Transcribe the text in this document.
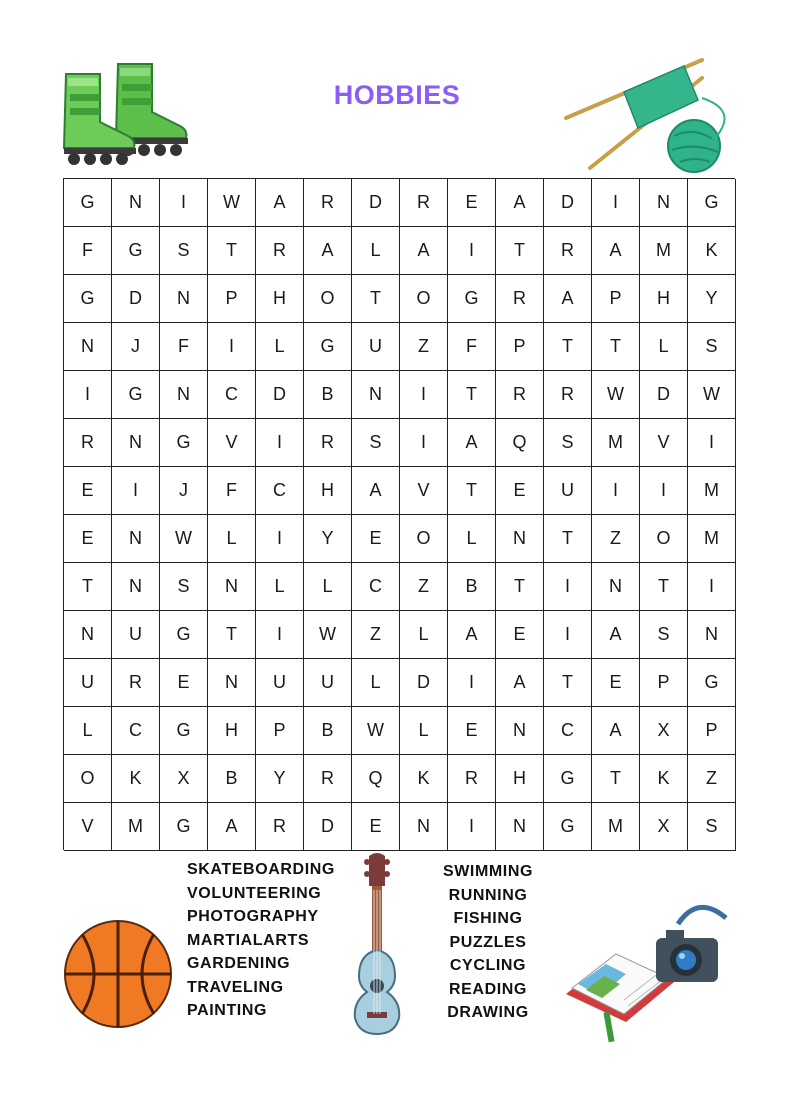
HOBBIES
G	N	I	W	A	R	D	R	E	A	D	I	N	G
F	G	S	T	R	A	L	A	I	T	R	A	M	K
G	D	N	P	H	O	T	O	G	R	A	P	H	Y
N	J	F	I	L	G	U	Z	F	P	T	T	L	S
I	G	N	C	D	B	N	I	T	R	R	W	D	W
R	N	G	V	I	R	S	I	A	Q	S	M	V	I
E	I	J	F	C	H	A	V	T	E	U	I	I	M
E	N	W	L	I	Y	E	O	L	N	T	Z	O	M
T	N	S	N	L	L	C	Z	B	T	I	N	T	I
N	U	G	T	I	W	Z	L	A	E	I	A	S	N
U	R	E	N	U	U	L	D	I	A	T	E	P	G
L	C	G	H	P	B	W	L	E	N	C	A	X	P
O	K	X	B	Y	R	Q	K	R	H	G	T	K	Z
V	M	G	A	R	D	E	N	I	N	G	M	X	S
SKATEBOARDING
VOLUNTEERING
PHOTOGRAPHY
MARTIALARTS
GARDENING
TRAVELING
PAINTING
SWIMMING
RUNNING
FISHING
PUZZLES
CYCLING
READING
DRAWING
